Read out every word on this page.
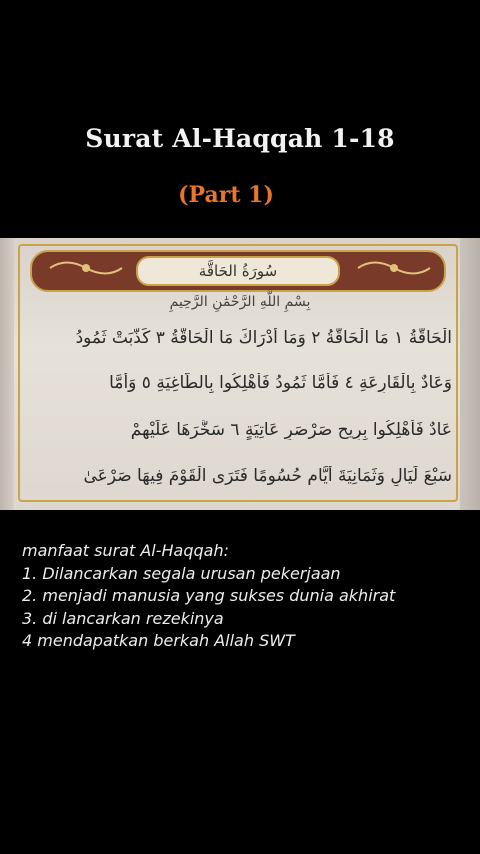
Surat Al-Haqqah 1-18
(Part 1)
سُورَةُ الحَاقَّة
بِسْمِ اللَّهِ الرَّحْمَٰنِ الرَّحِيمِ
الْحَاقَّةُ ١ مَا الْحَاقَّةُ ٢ وَمَا أَدْرَاكَ مَا الْحَاقَّةُ ٣ كَذَّبَتْ ثَمُودُ
وَعَادٌ بِالْقَارِعَةِ ٤ فَأَمَّا ثَمُودُ فَأُهْلِكُوا بِالطَّاغِيَةِ ٥ وَأَمَّا
عَادٌ فَأُهْلِكُوا بِرِيحٍ صَرْصَرٍ عَاتِيَةٍ ٦ سَخَّرَهَا عَلَيْهِمْ
سَبْعَ لَيَالٍ وَثَمَانِيَةَ أَيَّامٍ حُسُومًا فَتَرَى الْقَوْمَ فِيهَا صَرْعَىٰ
manfaat surat Al-Haqqah:
1. Dilancarkan segala urusan pekerjaan
2. menjadi manusia yang sukses dunia akhirat
3. di lancarkan rezekinya
4 mendapatkan berkah Allah SWT
